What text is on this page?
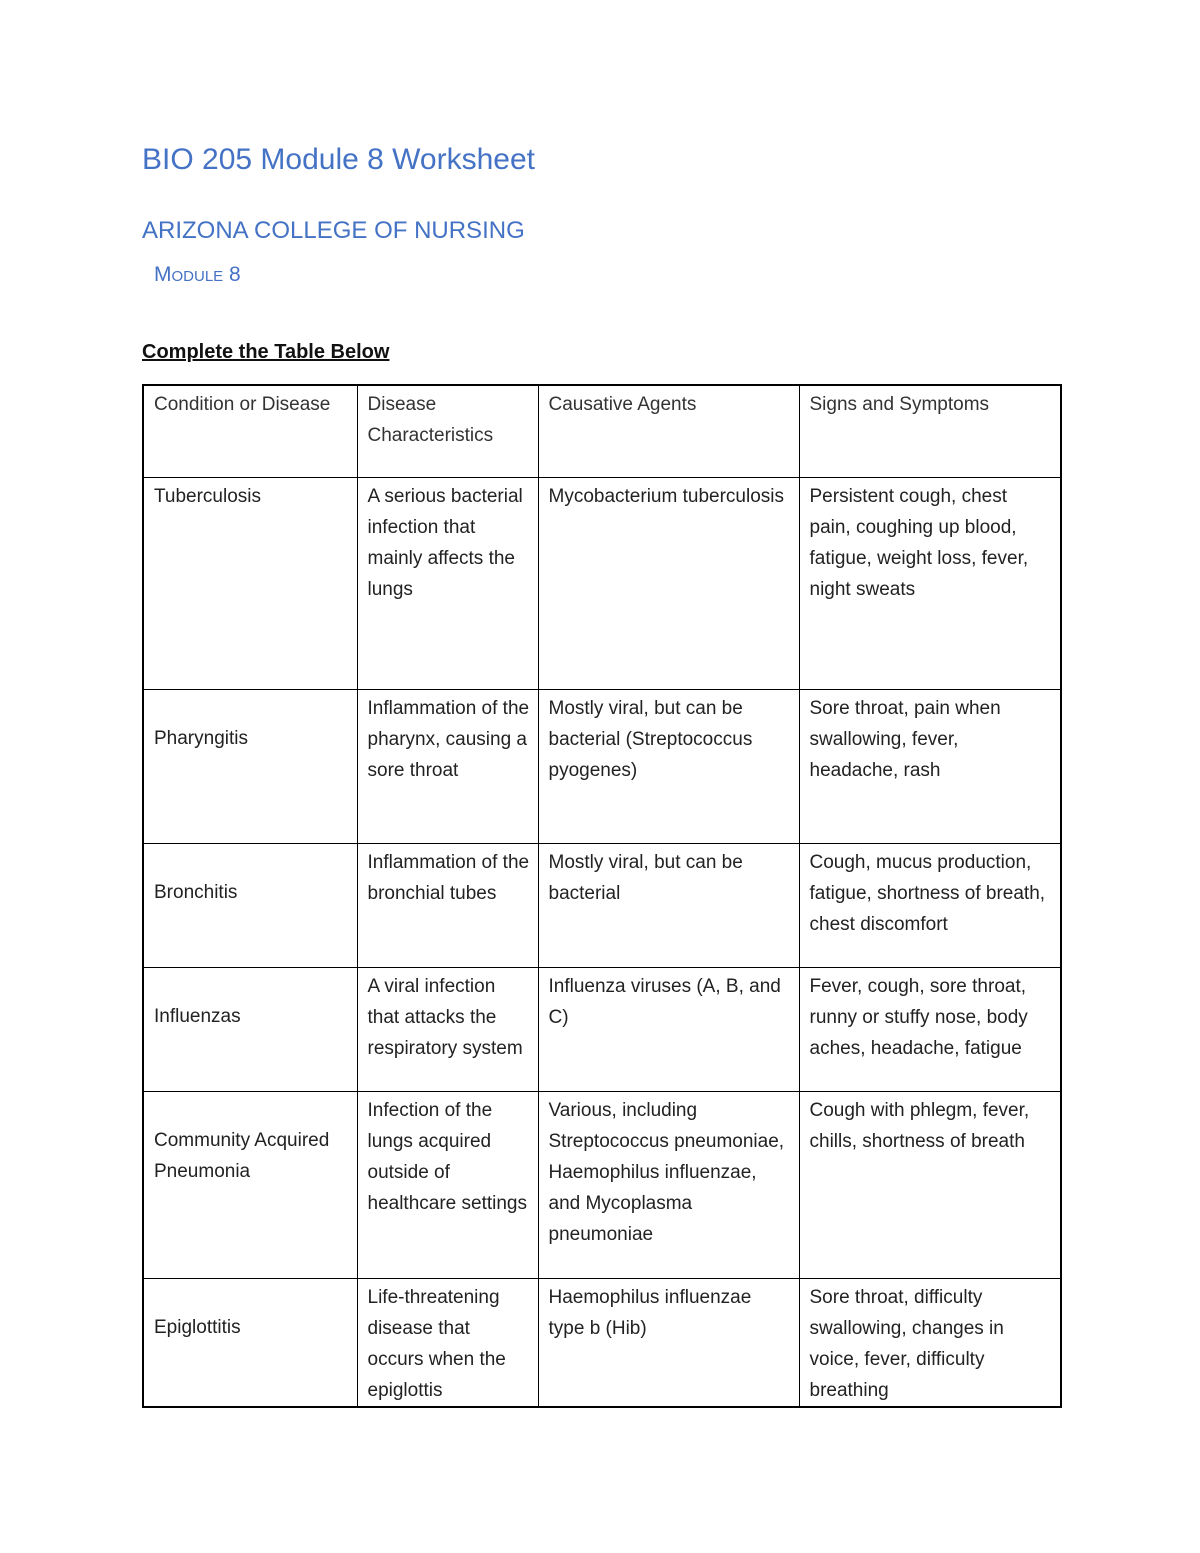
BIO 205 Module 8 Worksheet
ARIZONA COLLEGE OF NURSING
Module 8
Complete the Table Below
Condition or Disease	Disease Characteristics	Causative Agents	Signs and Symptoms
Tuberculosis	A serious bacterial infection that mainly affects the lungs	Mycobacterium tuberculosis	Persistent cough, chest pain, coughing up blood, fatigue, weight loss, fever, night sweats
Pharyngitis	Inflammation of the pharynx, causing a sore throat	Mostly viral, but can be bacterial (Streptococcus pyogenes)	Sore throat, pain when swallowing, fever, headache, rash
Bronchitis	Inflammation of the bronchial tubes	Mostly viral, but can be bacterial	Cough, mucus production, fatigue, shortness of breath, chest discomfort
Influenzas	A viral infection that attacks the respiratory system	Influenza viruses (A, B, and C)	Fever, cough, sore throat, runny or stuffy nose, body aches, headache, fatigue
Community Acquired Pneumonia	Infection of the lungs acquired outside of healthcare settings	Various, including Streptococcus pneumoniae, Haemophilus influenzae, and Mycoplasma pneumoniae	Cough with phlegm, fever, chills, shortness of breath
Epiglottitis	Life-threatening disease that occurs when the epiglottis	Haemophilus influenzae type b (Hib)	Sore throat, difficulty swallowing, changes in voice, fever, difficulty breathing
